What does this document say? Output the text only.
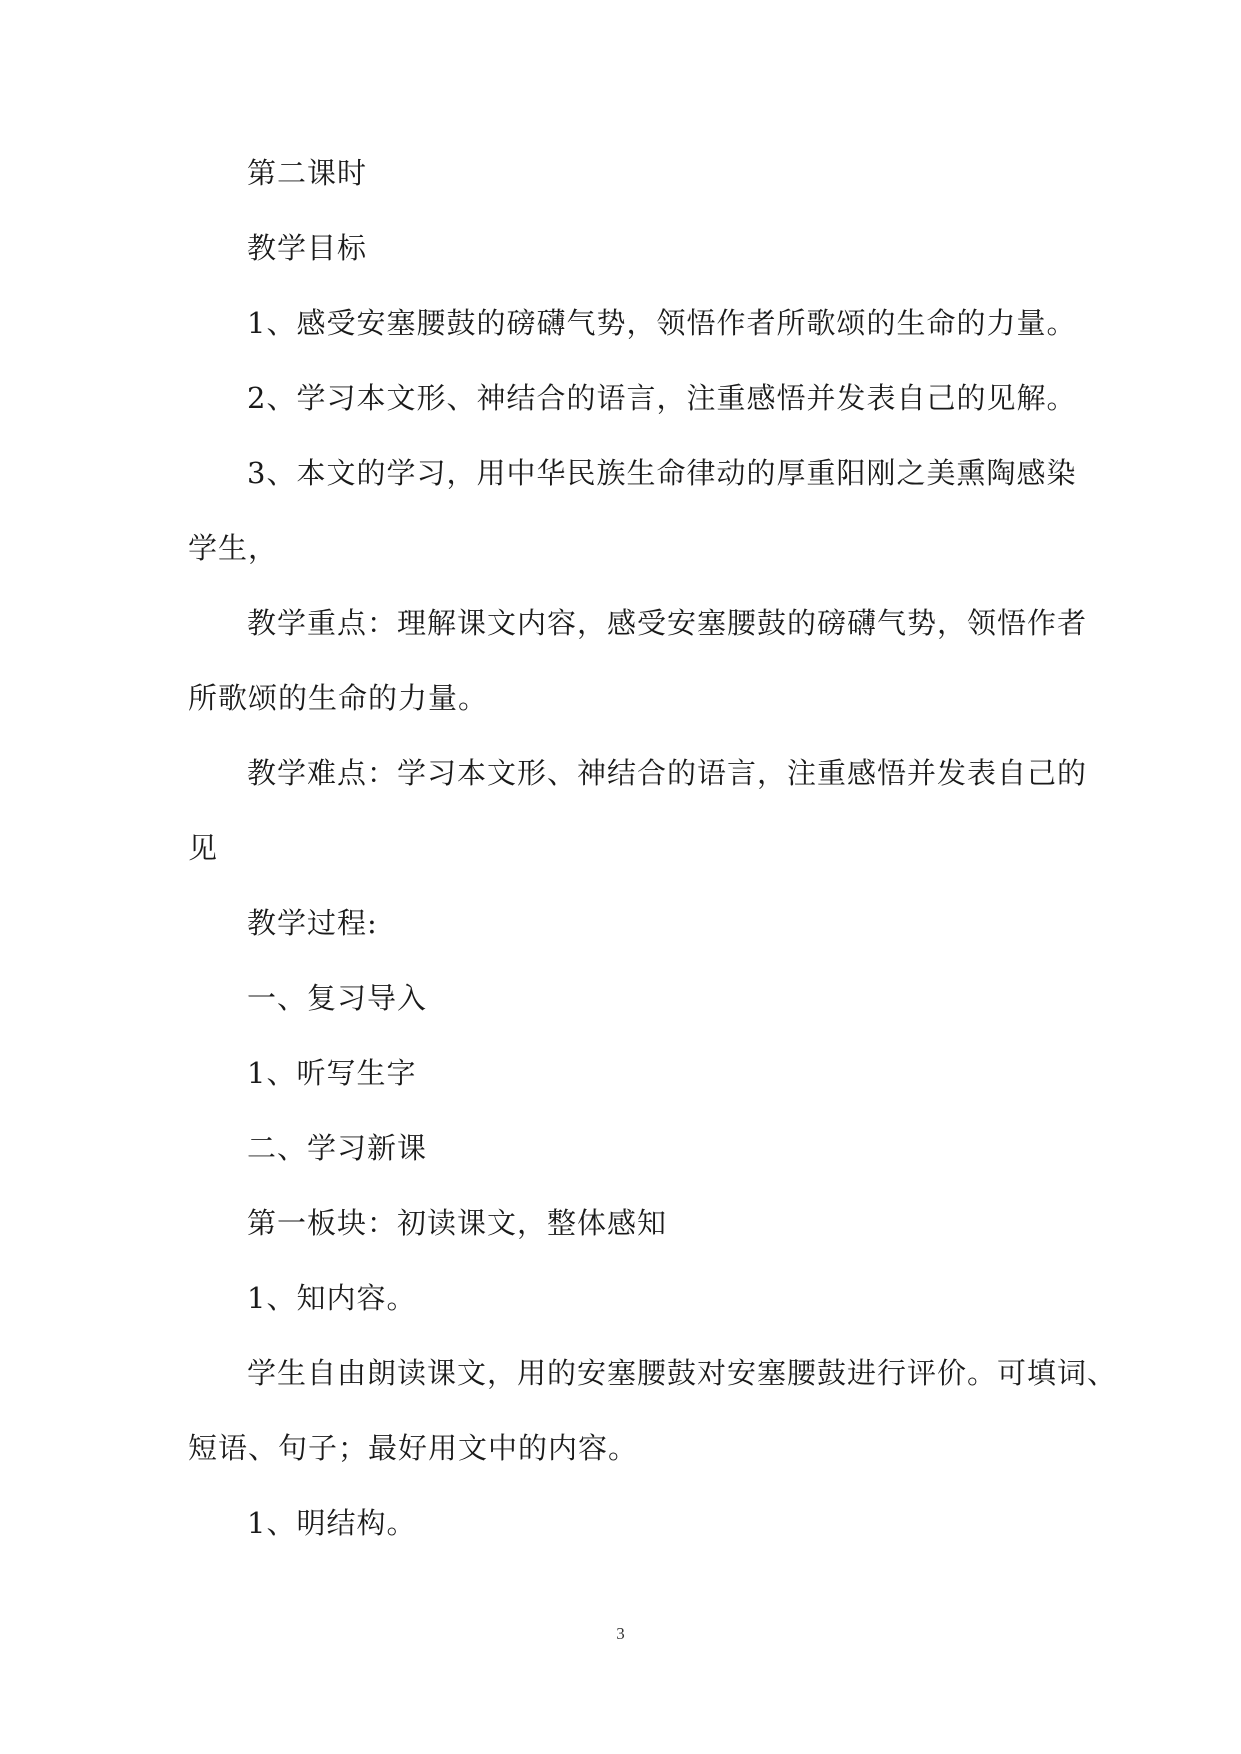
第二课时

教学目标

1、感受安塞腰鼓的磅礴气势，领悟作者所歌颂的生命的力量。

2、学习本文形、神结合的语言，注重感悟并发表自己的见解。

3、本文的学习，用中华民族生命律动的厚重阳刚之美熏陶感染

学生，

教学重点：理解课文内容，感受安塞腰鼓的磅礴气势，领悟作者

所歌颂的生命的力量。

教学难点：学习本文形、神结合的语言，注重感悟并发表自己的

见

教学过程:

一、复习导入

1、听写生字

二、学习新课

第一板块：初读课文，整体感知

1、知内容。

学生自由朗读课文，用的安塞腰鼓对安塞腰鼓进行评价。可填词、

短语、句子；最好用文中的内容。

1、明结构。

3
